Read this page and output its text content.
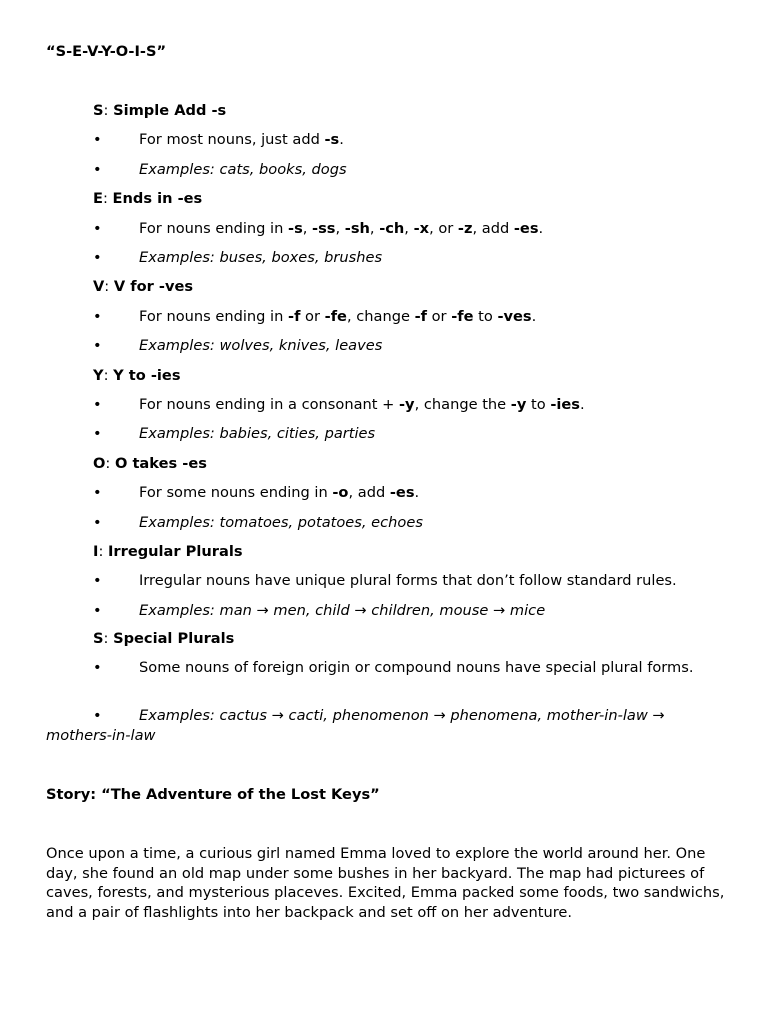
“S-E-V-Y-O-I-S”
S: Simple Add -s
•	For most nouns, just add -s.
•	Examples: cats, books, dogs
E: Ends in -es
•	For nouns ending in -s, -ss, -sh, -ch, -x, or -z, add -es.
•	Examples: buses, boxes, brushes
V: V for -ves
•	For nouns ending in -f or -fe, change -f or -fe to -ves.
•	Examples: wolves, knives, leaves
Y: Y to -ies
•	For nouns ending in a consonant + -y, change the -y to -ies.
•	Examples: babies, cities, parties
O: O takes -es
•	For some nouns ending in -o, add -es.
•	Examples: tomatoes, potatoes, echoes
I: Irregular Plurals
•	Irregular nouns have unique plural forms that don’t follow standard rules.
•	Examples: man → men, child → children, mouse → mice
S: Special Plurals
•	Some nouns of foreign origin or compound nouns have special plural forms.
•	Examples: cactus → cacti, phenomenon → phenomena, mother-in-law → mothers-in-law
Story: “The Adventure of the Lost Keys”
Once upon a time, a curious girl named Emma loved to explore the world around her. One day, she found an old map under some bushes in her backyard. The map had picturees of caves, forests, and mysterious placeves. Excited, Emma packed some foods, two sandwichs, and a pair of flashlights into her backpack and set off on her adventure.
